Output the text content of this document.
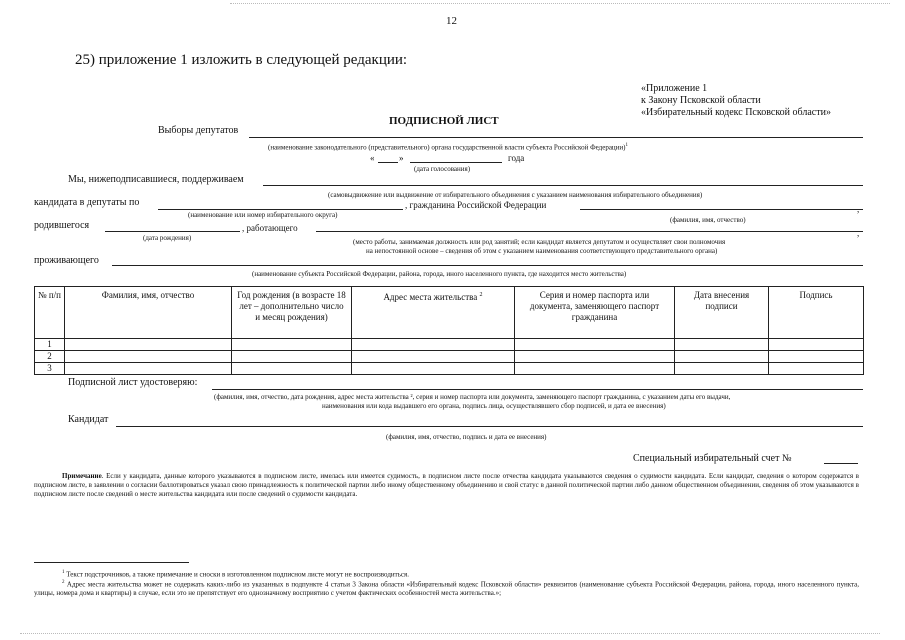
12
25) приложение 1 изложить в следующей редакции:
«Приложение 1
к Закону Псковской области
«Избирательный кодекс Псковской области»
ПОДПИСНОЙ ЛИСТ
Выборы депутатов
(наименование законодательного (представительного) органа государственной власти субъекта Российской Федерации)$^1$
«	»	года
(дата голосования)
Мы, нижеподписавшиеся, поддерживаем
(самовыдвижение или выдвижение от избирательного объединения с указанием наименования избирательного объединения)
кандидата в депутаты по	, гражданина Российской Федерации	,
(наименование или номер избирательного округа)
(фамилия, имя, отчество)
родившегося	, работающего	,
(дата рождения)	(место работы, занимаемая должность или род занятий; если кандидат является депутатом и осуществляет свои полномочия
на непостоянной основе – сведения об этом с указанием наименования соответствующего представительного органа)
проживающего
(наименование субъекта Российской Федерации, района, города, иного населенного пункта, где находится место жительства)
№ п/п	Фамилия, имя, отчество	Год рождения (в возрасте 18 лет – дополнительно число и месяц рождения)	Адрес места жительства $^2$	Серия и номер паспорта или документа, заменяющего паспорт гражданина	Дата внесения подписи	Подпись
1						
2						
3						
Подписной лист удостоверяю:
(фамилия, имя, отчество, дата рождения, адрес места жительства ², серия и номер паспорта или документа, заменяющего паспорт гражданина, с указанием даты его выдачи,
наименования или кода выдавшего его органа, подпись лица, осуществлявшего сбор подписей, и дата ее внесения)
Кандидат
(фамилия, имя, отчество, подпись и дата ее внесения)
Специальный избирательный счет №
Примечание. Если у кандидата, данные которого указываются в подписном листе, имелась или имеется судимость, в подписном листе после отчества кандидата указываются сведения о судимости кандидата. Если кандидат, сведения о котором содержатся в подписном листе, в заявлении о согласии баллотироваться указал свою принадлежность к политической партии либо иному общественному объединению и свой статус в данной политической партии либо данном общественном объединении, сведения об этом указываются в подписном листе после сведений о месте жительства кандидата или после сведений о судимости кандидата.
$^1$ Текст подстрочников, а также примечание и сноски в изготовленном подписном листе могут не воспроизводиться.
$^2$ Адрес места жительства может не содержать каких-либо из указанных в подпункте 4 статьи 3 Закона области «Избирательный кодекс Псковской области» реквизитов (наименование субъекта Российской Федерации, района, города, иного населенного пункта, улицы, номера дома и квартиры) в случае, если это не препятствует его однозначному восприятию с учетом фактических особенностей места жительства.»;
